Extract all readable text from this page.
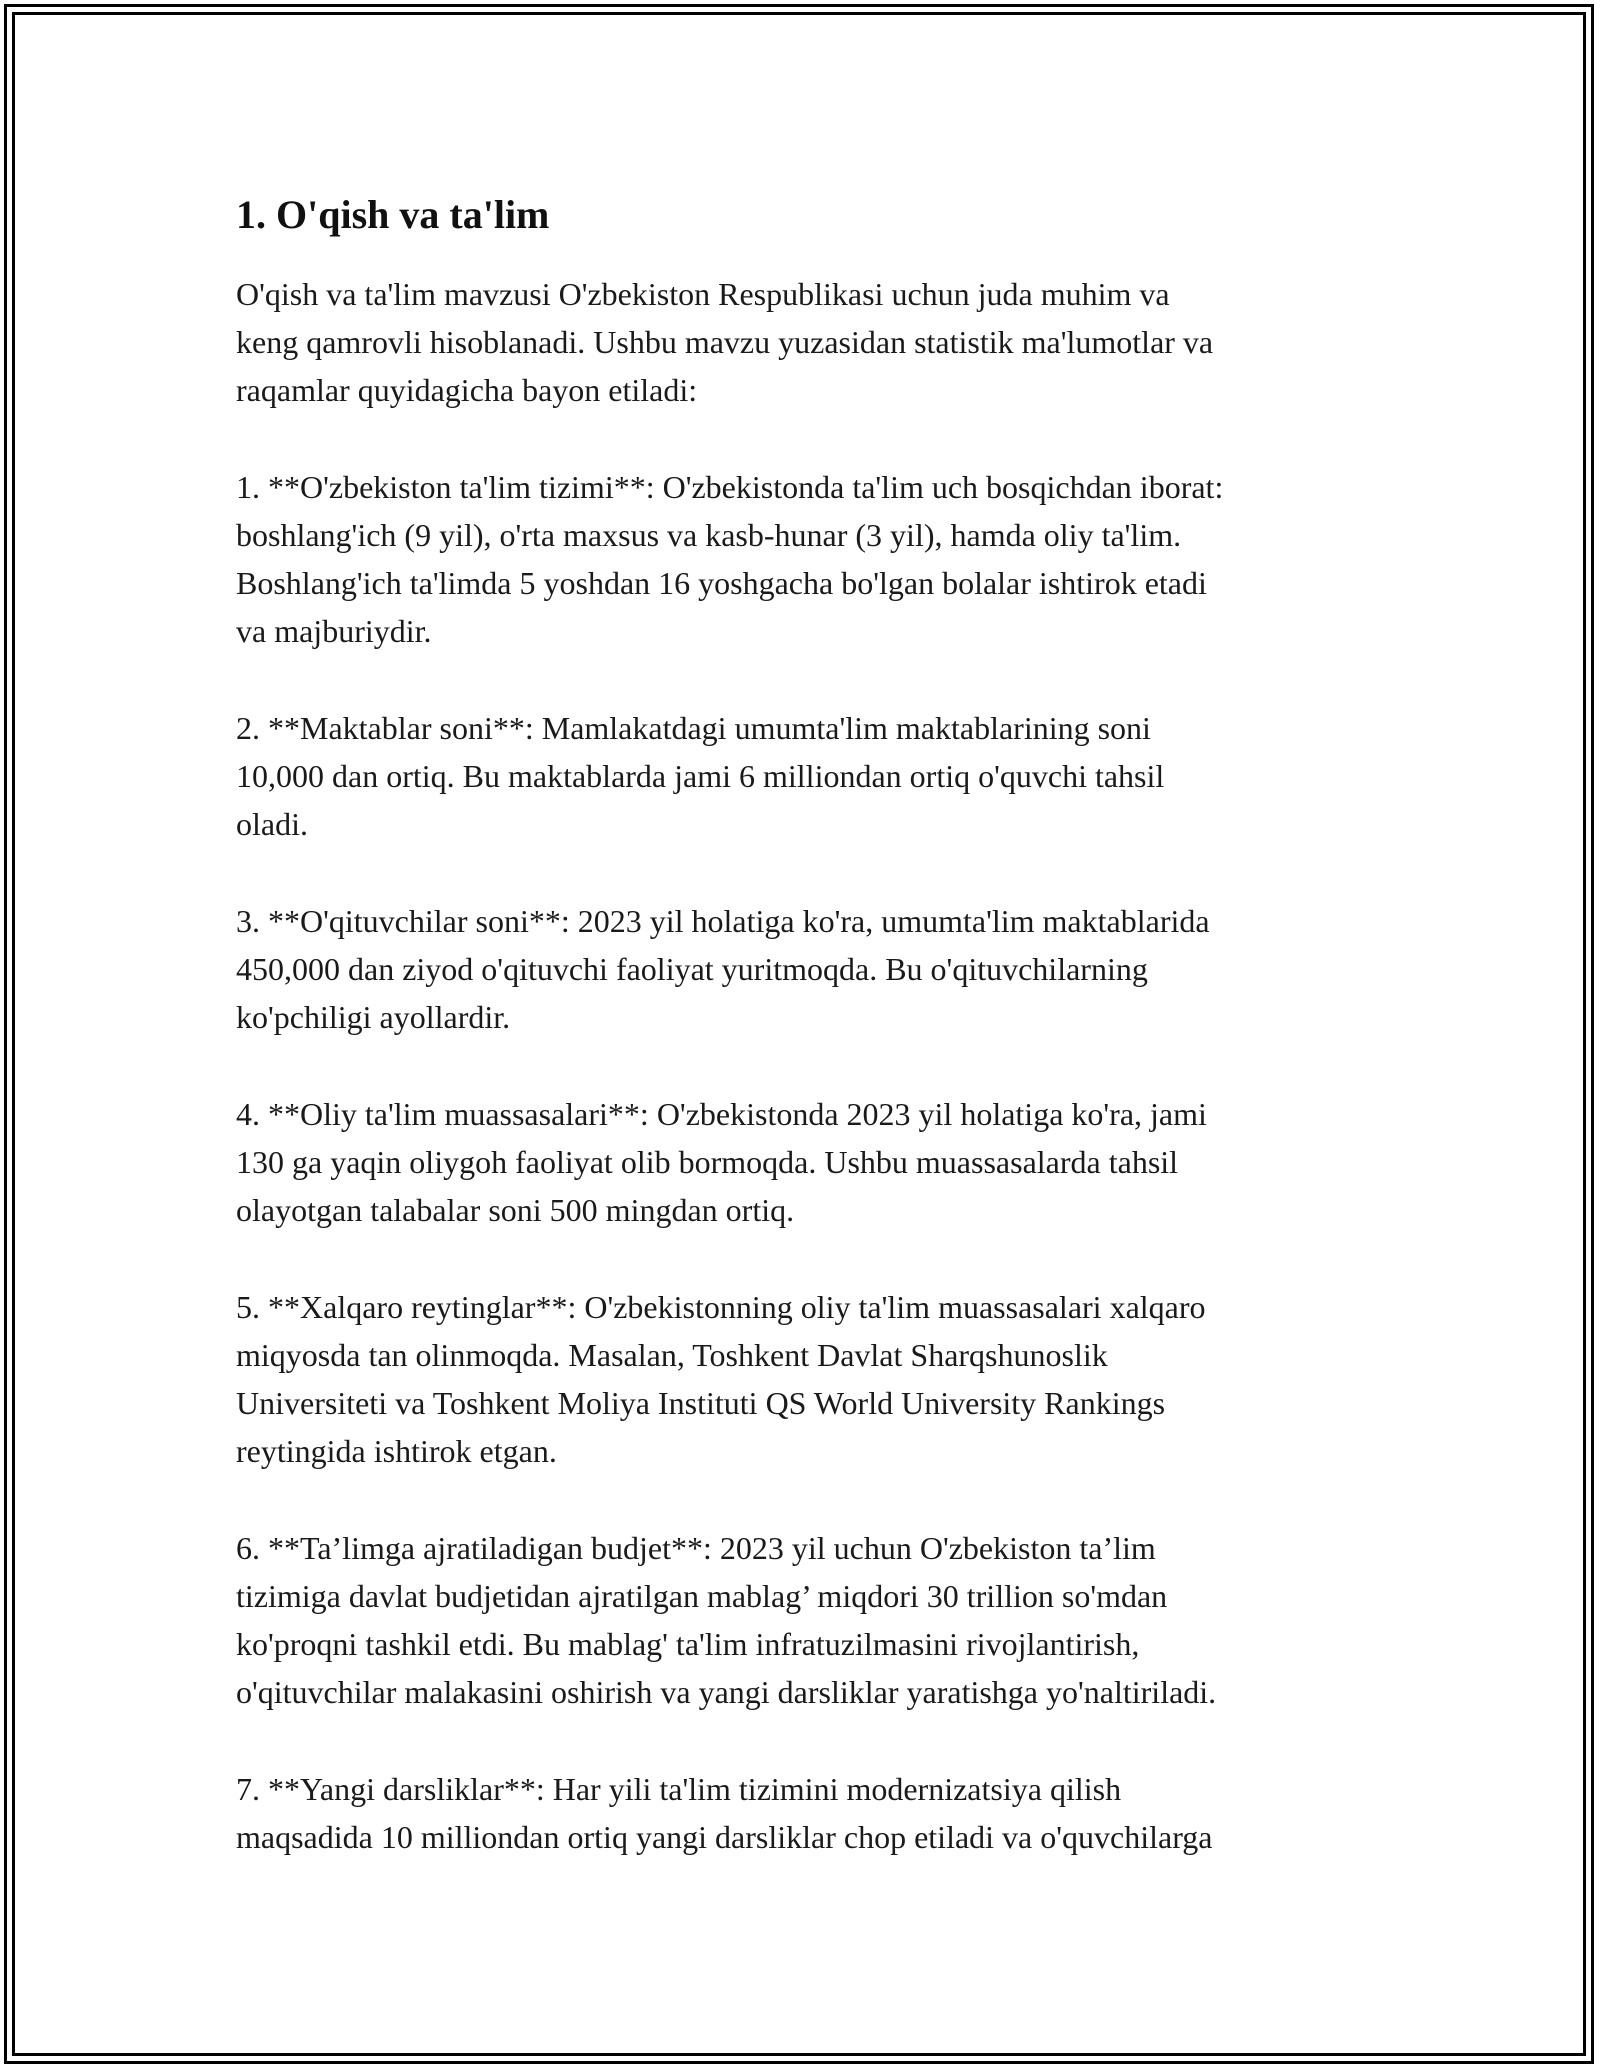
1. O'qish va ta'lim

O'qish va ta'lim mavzusi O'zbekiston Respublikasi uchun juda muhim va
keng qamrovli hisoblanadi. Ushbu mavzu yuzasidan statistik ma'lumotlar va
raqamlar quyidagicha bayon etiladi:

1. **O'zbekiston ta'lim tizimi**: O'zbekistonda ta'lim uch bosqichdan iborat:
boshlang'ich (9 yil), o'rta maxsus va kasb-hunar (3 yil), hamda oliy ta'lim.
Boshlang'ich ta'limda 5 yoshdan 16 yoshgacha bo'lgan bolalar ishtirok etadi
va majburiydir.

2. **Maktablar soni**: Mamlakatdagi umumta'lim maktablarining soni
10,000 dan ortiq. Bu maktablarda jami 6 milliondan ortiq o'quvchi tahsil
oladi.

3. **O'qituvchilar soni**: 2023 yil holatiga ko'ra, umumta'lim maktablarida
450,000 dan ziyod o'qituvchi faoliyat yuritmoqda. Bu o'qituvchilarning
ko'pchiligi ayollardir.

4. **Oliy ta'lim muassasalari**: O'zbekistonda 2023 yil holatiga ko'ra, jami
130 ga yaqin oliygoh faoliyat olib bormoqda. Ushbu muassasalarda tahsil
olayotgan talabalar soni 500 mingdan ortiq.

5. **Xalqaro reytinglar**: O'zbekistonning oliy ta'lim muassasalari xalqaro
miqyosda tan olinmoqda. Masalan, Toshkent Davlat Sharqshunoslik
Universiteti va Toshkent Moliya Instituti QS World University Rankings
reytingida ishtirok etgan.

6. **Ta’limga ajratiladigan budjet**: 2023 yil uchun O'zbekiston ta’lim
tizimiga davlat budjetidan ajratilgan mablag’ miqdori 30 trillion so'mdan
ko'proqni tashkil etdi. Bu mablag' ta'lim infratuzilmasini rivojlantirish,
o'qituvchilar malakasini oshirish va yangi darsliklar yaratishga yo'naltiriladi.

7. **Yangi darsliklar**: Har yili ta'lim tizimini modernizatsiya qilish
maqsadida 10 milliondan ortiq yangi darsliklar chop etiladi va o'quvchilarga
